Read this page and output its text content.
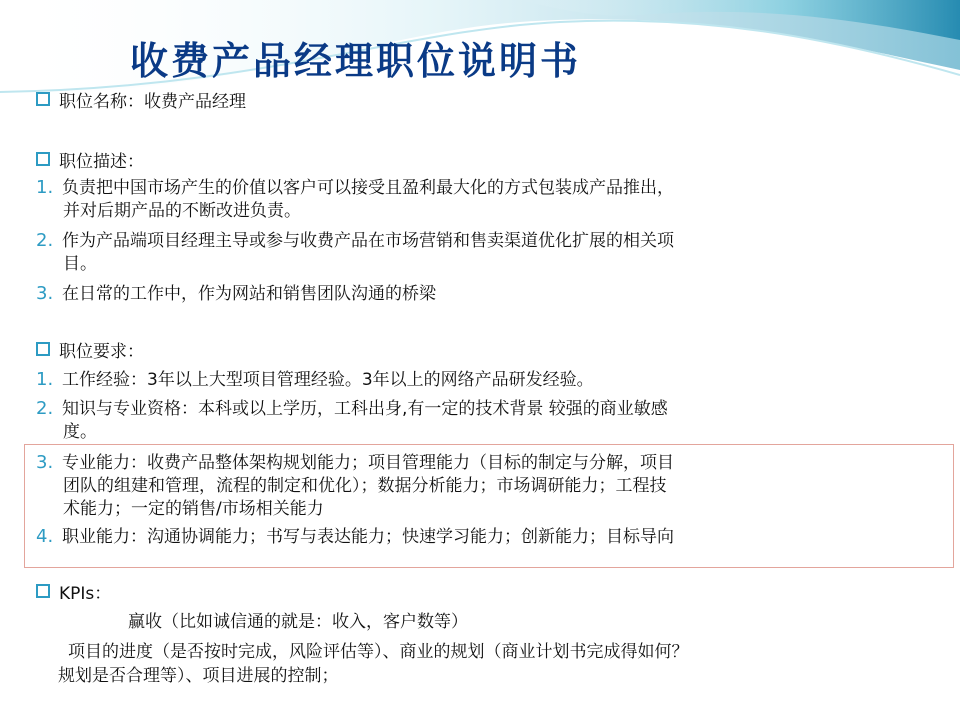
收费产品经理职位说明书
职位名称：收费产品经理
职位描述：
1. 负责把中国市场产生的价值以客户可以接受且盈利最大化的方式包装成产品推出，
并对后期产品的不断改进负责。
2. 作为产品端项目经理主导或参与收费产品在市场营销和售卖渠道优化扩展的相关项
目。
3. 在日常的工作中，作为网站和销售团队沟通的桥梁
职位要求：
1. 工作经验：3年以上大型项目管理经验。3年以上的网络产品研发经验。
2. 知识与专业资格：本科或以上学历，工科出身,有一定的技术背景 较强的商业敏感
度。
3. 专业能力：收费产品整体架构规划能力；项目管理能力（目标的制定与分解，项目
团队的组建和管理，流程的制定和优化）；数据分析能力；市场调研能力；工程技
术能力；一定的销售/市场相关能力
4. 职业能力：沟通协调能力；书写与表达能力；快速学习能力；创新能力；目标导向
KPIs：
赢收（比如诚信通的就是：收入，客户数等）
项目的进度（是否按时完成，风险评估等）、商业的规划（商业计划书完成得如何？
规划是否合理等）、项目进展的控制；
